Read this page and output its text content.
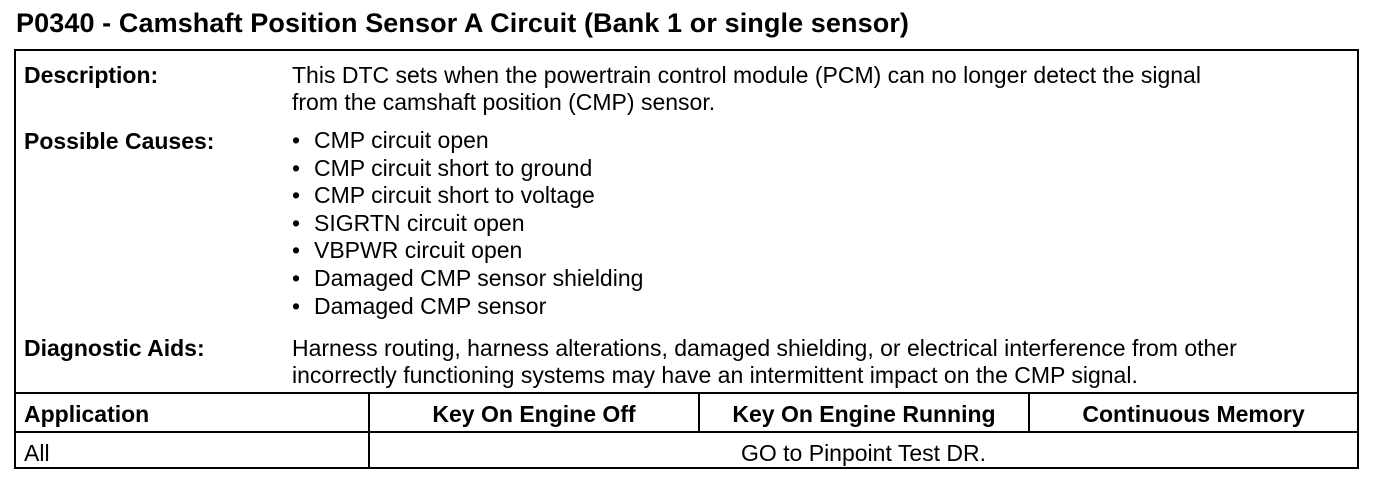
P0340 - Camshaft Position Sensor A Circuit (Bank 1 or single sensor)
Description:	This DTC sets when the powertrain control module (PCM) can no longer detect the signal
from the camshaft position (CMP) sensor.
Possible Causes:	• CMP circuit open
• CMP circuit short to ground
• CMP circuit short to voltage
• SIGRTN circuit open
• VBPWR circuit open
• Damaged CMP sensor shielding
• Damaged CMP sensor
Diagnostic Aids:	Harness routing, harness alterations, damaged shielding, or electrical interference from other
incorrectly functioning systems may have an intermittent impact on the CMP signal.
Application	Key On Engine Off	Key On Engine Running	Continuous Memory
All	GO to Pinpoint Test DR.
